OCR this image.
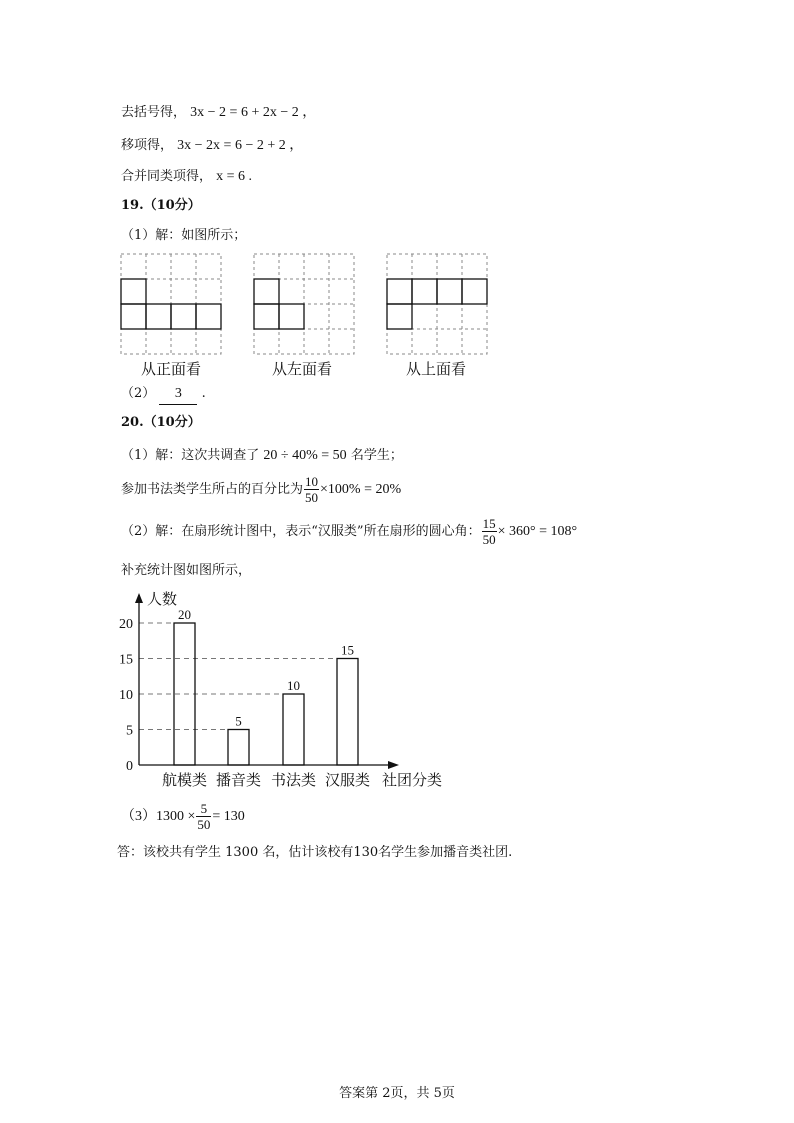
去括号得， 3x − 2 = 6 + 2x − 2 ，
移项得， 3x − 2x = 6 − 2 + 2 ，
合并同类项得， x = 6 .
19.（10分）
（1）解：如图所示；
从正面看	从左面看	从上面看
（2） 3 .
20.（10分）
（1）解：这次共调查了 20 ÷ 40% = 50 名学生；
参加书法类学生所占的百分比为 $\frac{10}{50} \times 100\% = 20\%$
（2）解：在扇形统计图中，表示“汉服类”所在扇形的圆心角： $\frac{15}{50} \times 360^\circ = 108^\circ$
补充统计图如图所示，
20
5
10
15
0
5
10
15
20
人数
航模类 播音类 书法类 汉服类 社团分类
$(3)1300 \times \frac{5}{50} = 130$
答：该校共有学生 1300 名，估计该校有130名学生参加播音类社团.
答案第 2页，共 5页
